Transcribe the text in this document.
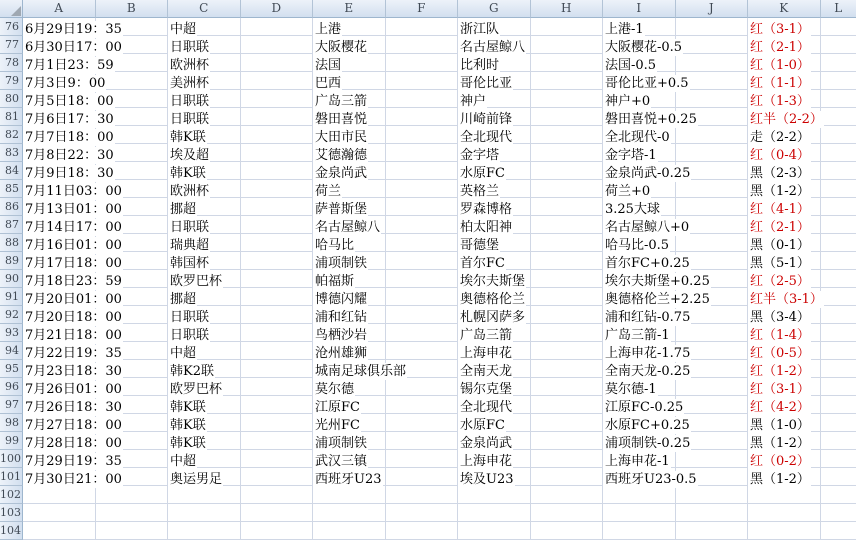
A	B	C	D	E	F	G	H	I	J	K	L
76 6月29日19：35	中超	上港	浙江队	上港-1	红（3-1）
77 6月30日17：00	日职联	大阪樱花	名古屋鲸八	大阪樱花-0.5	红（2-1）
78 7月1日23：59	欧洲杯	法国	比利时	法国-0.5	红（1-0）
79 7月3日9：00	美洲杯	巴西	哥伦比亚	哥伦比亚+0.5	红（1-1）
80 7月5日18：00	日职联	广岛三箭	神户	神户+0	红（1-3）
81 7月6日17：30	日职联	磐田喜悦	川崎前锋	磐田喜悦+0.25	红半（2-2）
82 7月7日18：00	韩K联	大田市民	全北现代	全北现代-0	走（2-2）
83 7月8日22：30	埃及超	艾德瀚德	金字塔	金字塔-1	红（0-4）
84 7月9日18：30	韩K联	金泉尚武	水原FC	金泉尚武-0.25	黑（2-3）
85 7月11日03：00	欧洲杯	荷兰	英格兰	荷兰+0	黑（1-2）
86 7月13日01：00	挪超	萨普斯堡	罗森博格	3.25大球	红（4-1）
87 7月14日17：00	日职联	名古屋鲸八	柏太阳神	名古屋鲸八+0	红（2-1）
88 7月16日01：00	瑞典超	哈马比	哥德堡	哈马比-0.5	黑（0-1）
89 7月17日18：00	韩国杯	浦项制铁	首尔FC	首尔FC+0.25	黑（5-1）
90 7月18日23：59	欧罗巴杯	帕福斯	埃尔夫斯堡	埃尔夫斯堡+0.25	红（2-5）
91 7月20日01：00	挪超	博德闪耀	奥德格伦兰	奥德格伦兰+2.25	红半（3-1）
92 7月20日18：00	日职联	浦和红钻	札幌冈萨多	浦和红钻-0.75	黑（3-4）
93 7月21日18：00	日职联	鸟栖沙岩	广岛三箭	广岛三箭-1	红（1-4）
94 7月22日19：35	中超	沧州雄狮	上海申花	上海申花-1.75	红（0-5）
95 7月23日18：30	韩K2联	城南足球俱乐部	全南天龙	全南天龙-0.25	红（1-2）
96 7月26日01：00	欧罗巴杯	莫尔德	锡尔克堡	莫尔德-1	红（3-1）
97 7月26日18：30	韩K联	江原FC	全北现代	江原FC-0.25	红（4-2）
98 7月27日18：00	韩K联	光州FC	水原FC	水原FC+0.25	黑（1-0）
99 7月28日18：00	韩K联	浦项制铁	金泉尚武	浦项制铁-0.25	黑（1-2）
100 7月29日19：35	中超	武汉三镇	上海申花	上海申花-1	红（0-2）
101 7月30日21：00	奥运男足	西班牙U23	埃及U23	西班牙U23-0.5	黑（1-2）
102
103
104
